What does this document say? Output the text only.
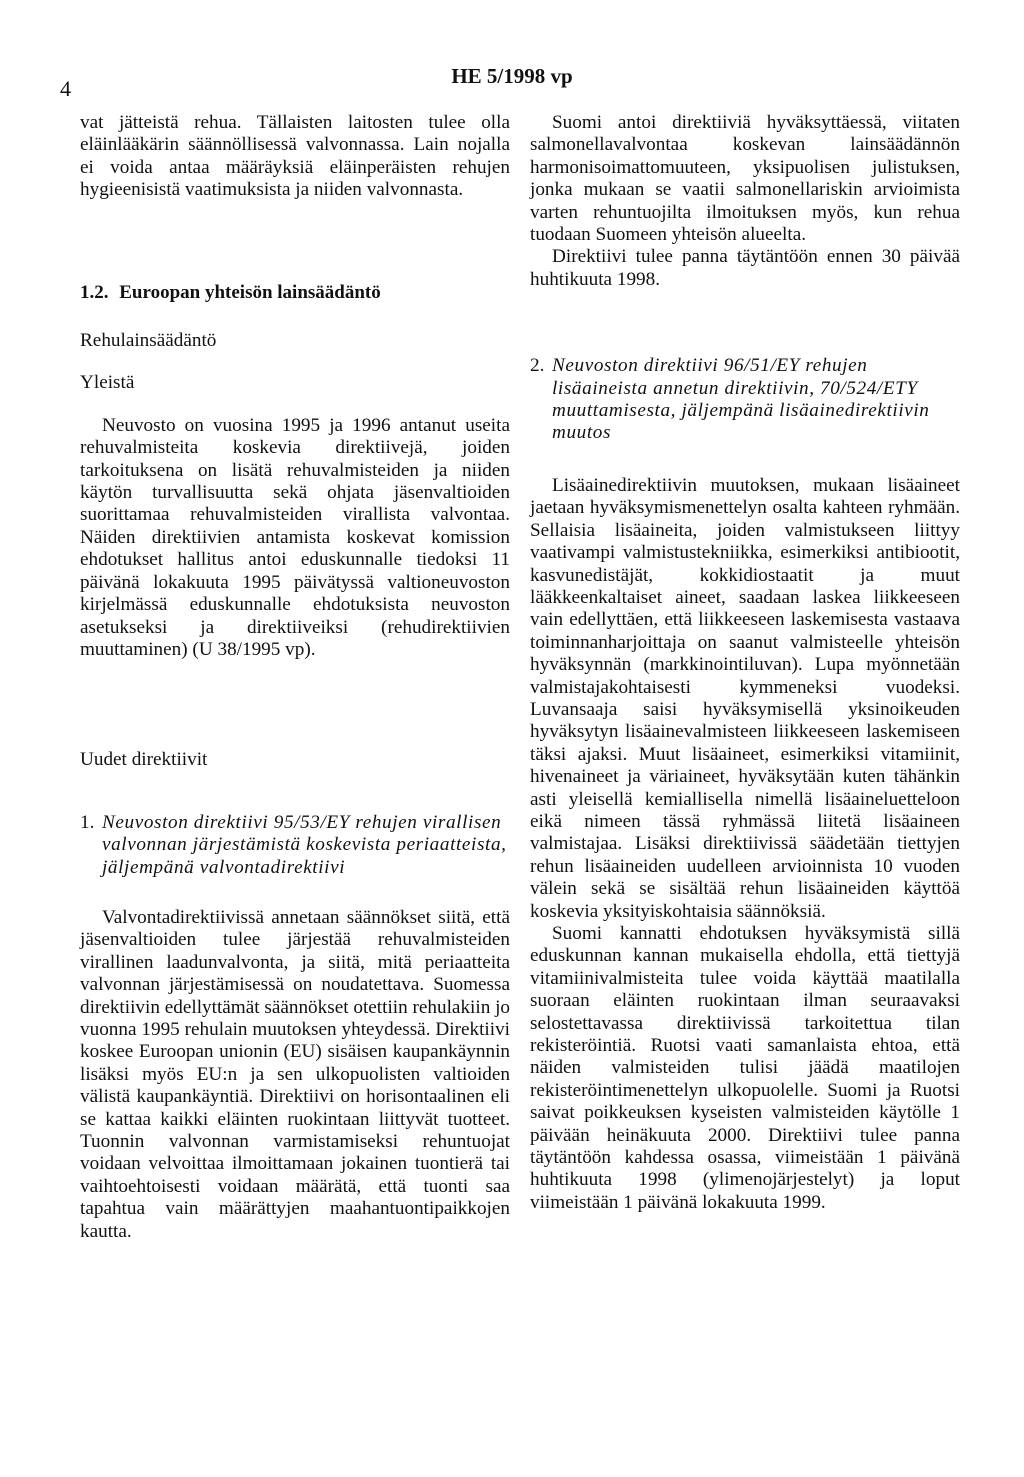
4	HE 5/1998 vp

vat jätteistä rehua. Tällaisten laitosten tulee olla eläinlääkärin säännöllisessä valvonnassa. Lain nojalla ei voida antaa määräyksiä eläinperäisten rehujen hygieenisistä vaatimuksista ja niiden valvonnasta.

1.2. Euroopan yhteisön lainsäädäntö
Rehulainsäädäntö
Yleistä

Neuvosto on vuosina 1995 ja 1996 antanut useita rehuvalmisteita koskevia direktiivejä, joiden tarkoituksena on lisätä rehuvalmisteiden ja niiden käytön turvallisuutta sekä ohjata jäsenvaltioiden suorittamaa rehuvalmisteiden virallista valvontaa. Näiden direktiivien antamista koskevat komission ehdotukset hallitus antoi eduskunnalle tiedoksi 11 päivänä lokakuuta 1995 päivätyssä valtioneuvoston kirjelmässä eduskunnalle ehdotuksista neuvoston asetukseksi ja direktiiveiksi (rehudirektiivien muuttaminen) (U 38/1995 vp).

Uudet direktiivit
1. Neuvoston direktiivi 95/53/EY rehujen virallisen valvonnan järjestämistä koskevista periaatteista, jäljempänä valvontadirektiivi

Valvontadirektiivissä annetaan säännökset siitä, että jäsenvaltioiden tulee järjestää rehuvalmisteiden virallinen laadunvalvonta, ja siitä, mitä periaatteita valvonnan järjestämisessä on noudatettava. Suomessa direktiivin edellyttämät säännökset otettiin rehulakiin jo vuonna 1995 rehulain muutoksen yhteydessä. Direktiivi koskee Euroopan unionin (EU) sisäisen kaupankäynnin lisäksi myös EU:n ja sen ulkopuolisten valtioiden välistä kaupankäyntiä. Direktiivi on horisontaalinen eli se kattaa kaikki eläinten ruokintaan liittyvät tuotteet. Tuonnin valvonnan varmistamiseksi rehuntuojat voidaan velvoittaa ilmoittamaan jokainen tuontierä tai vaihtoehtoisesti voidaan määrätä, että tuonti saa tapahtua vain määrättyjen maahantuontipaikkojen kautta.

Suomi antoi direktiiviä hyväksyttäessä, viitaten salmonellavalvontaa koskevan lainsäädännön harmonisoimattomuuteen, yksipuolisen julistuksen, jonka mukaan se vaatii salmonellariskin arvioimista varten rehuntuojilta ilmoituksen myös, kun rehua tuodaan Suomeen yhteisön alueelta.

Direktiivi tulee panna täytäntöön ennen 30 päivää huhtikuuta 1998.

2. Neuvoston direktiivi 96/51/EY rehujen lisäaineista annetun direktiivin, 70/524/ETY muuttamisesta, jäljempänä lisäainedirektiivin muutos

Lisäainedirektiivin muutoksen, mukaan lisäaineet jaetaan hyväksymismenettelyn osalta kahteen ryhmään. Sellaisia lisäaineita, joiden valmistukseen liittyy vaativampi valmistustekniikka, esimerkiksi antibiootit, kasvunedistäjät, kokkidiostaatit ja muut lääkkeenkaltaiset aineet, saadaan laskea liikkeeseen vain edellyttäen, että liikkeeseen laskemisesta vastaava toiminnanharjoittaja on saanut valmisteelle yhteisön hyväksynnän (markkinointiluvan). Lupa myönnetään valmistajakohtaisesti kymmeneksi vuodeksi. Luvansaaja saisi hyväksymisellä yksinoikeuden hyväksytyn lisäainevalmisteen liikkeeseen laskemiseen täksi ajaksi. Muut lisäaineet, esimerkiksi vitamiinit, hivenaineet ja väriaineet, hyväksytään kuten tähänkin asti yleisellä kemiallisella nimellä lisäaineluetteloon eikä nimeen tässä ryhmässä liitetä lisäaineen valmistajaa. Lisäksi direktiivissä säädetään tiettyjen rehun lisäaineiden uudelleen arvioinnista 10 vuoden välein sekä se sisältää rehun lisäaineiden käyttöä koskevia yksityiskohtaisia säännöksiä.

Suomi kannatti ehdotuksen hyväksymistä sillä eduskunnan kannan mukaisella ehdolla, että tiettyjä vitamiinivalmisteita tulee voida käyttää maatilalla suoraan eläinten ruokintaan ilman seuraavaksi selostettavassa direktiivissä tarkoitettua tilan rekisteröintiä. Ruotsi vaati samanlaista ehtoa, että näiden valmisteiden tulisi jäädä maatilojen rekisteröintimenettelyn ulkopuolelle. Suomi ja Ruotsi saivat poikkeuksen kyseisten valmisteiden käytölle 1 päivään heinäkuuta 2000. Direktiivi tulee panna täytäntöön kahdessa osassa, viimeistään 1 päivänä huhtikuuta 1998 (ylimenojärjestelyt) ja loput viimeistään 1 päivänä lokakuuta 1999.
